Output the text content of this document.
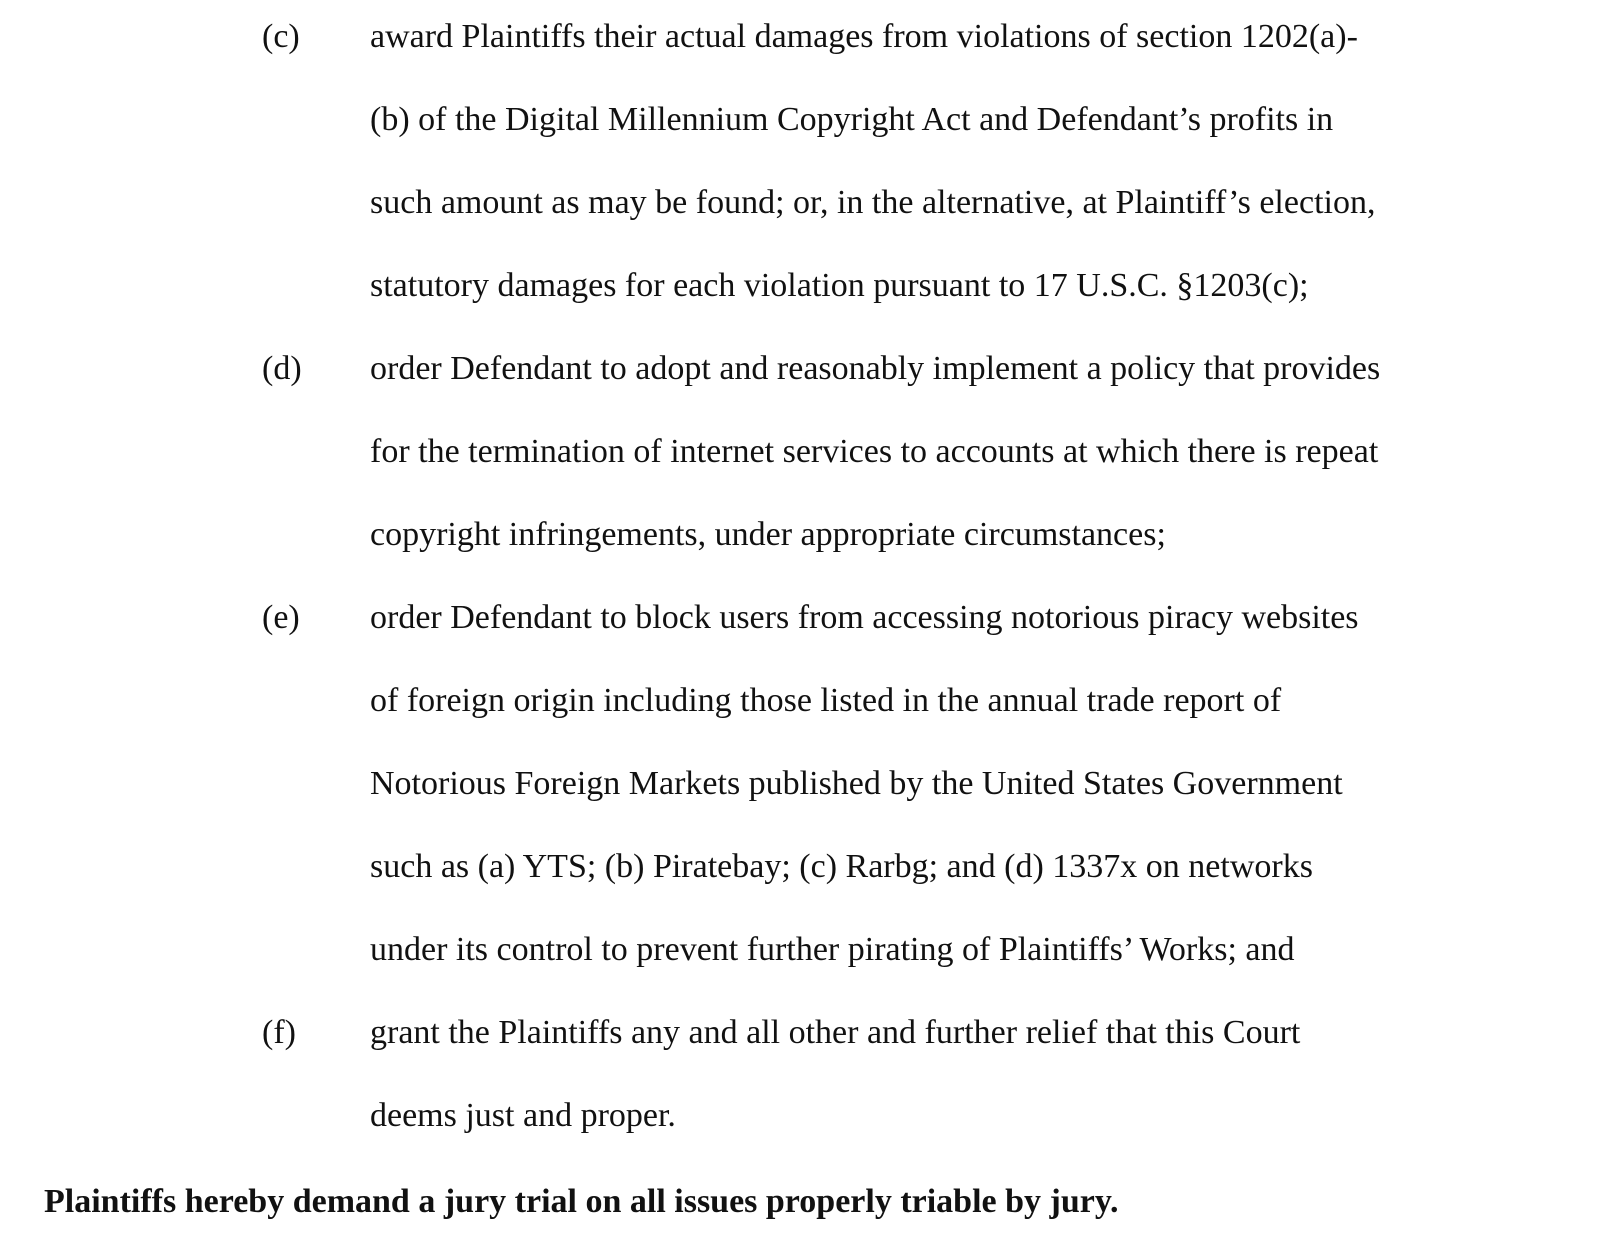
(c) award Plaintiffs their actual damages from violations of section 1202(a)-
(b) of the Digital Millennium Copyright Act and Defendant’s profits in
such amount as may be found; or, in the alternative, at Plaintiff’s election,
statutory damages for each violation pursuant to 17 U.S.C. §1203(c);

(d) order Defendant to adopt and reasonably implement a policy that provides
for the termination of internet services to accounts at which there is repeat
copyright infringements, under appropriate circumstances;

(e) order Defendant to block users from accessing notorious piracy websites
of foreign origin including those listed in the annual trade report of
Notorious Foreign Markets published by the United States Government
such as (a) YTS; (b) Piratebay; (c) Rarbg; and (d) 1337x on networks
under its control to prevent further pirating of Plaintiffs’ Works; and

(f) grant the Plaintiffs any and all other and further relief that this Court
deems just and proper.

Plaintiffs hereby demand a jury trial on all issues properly triable by jury.
